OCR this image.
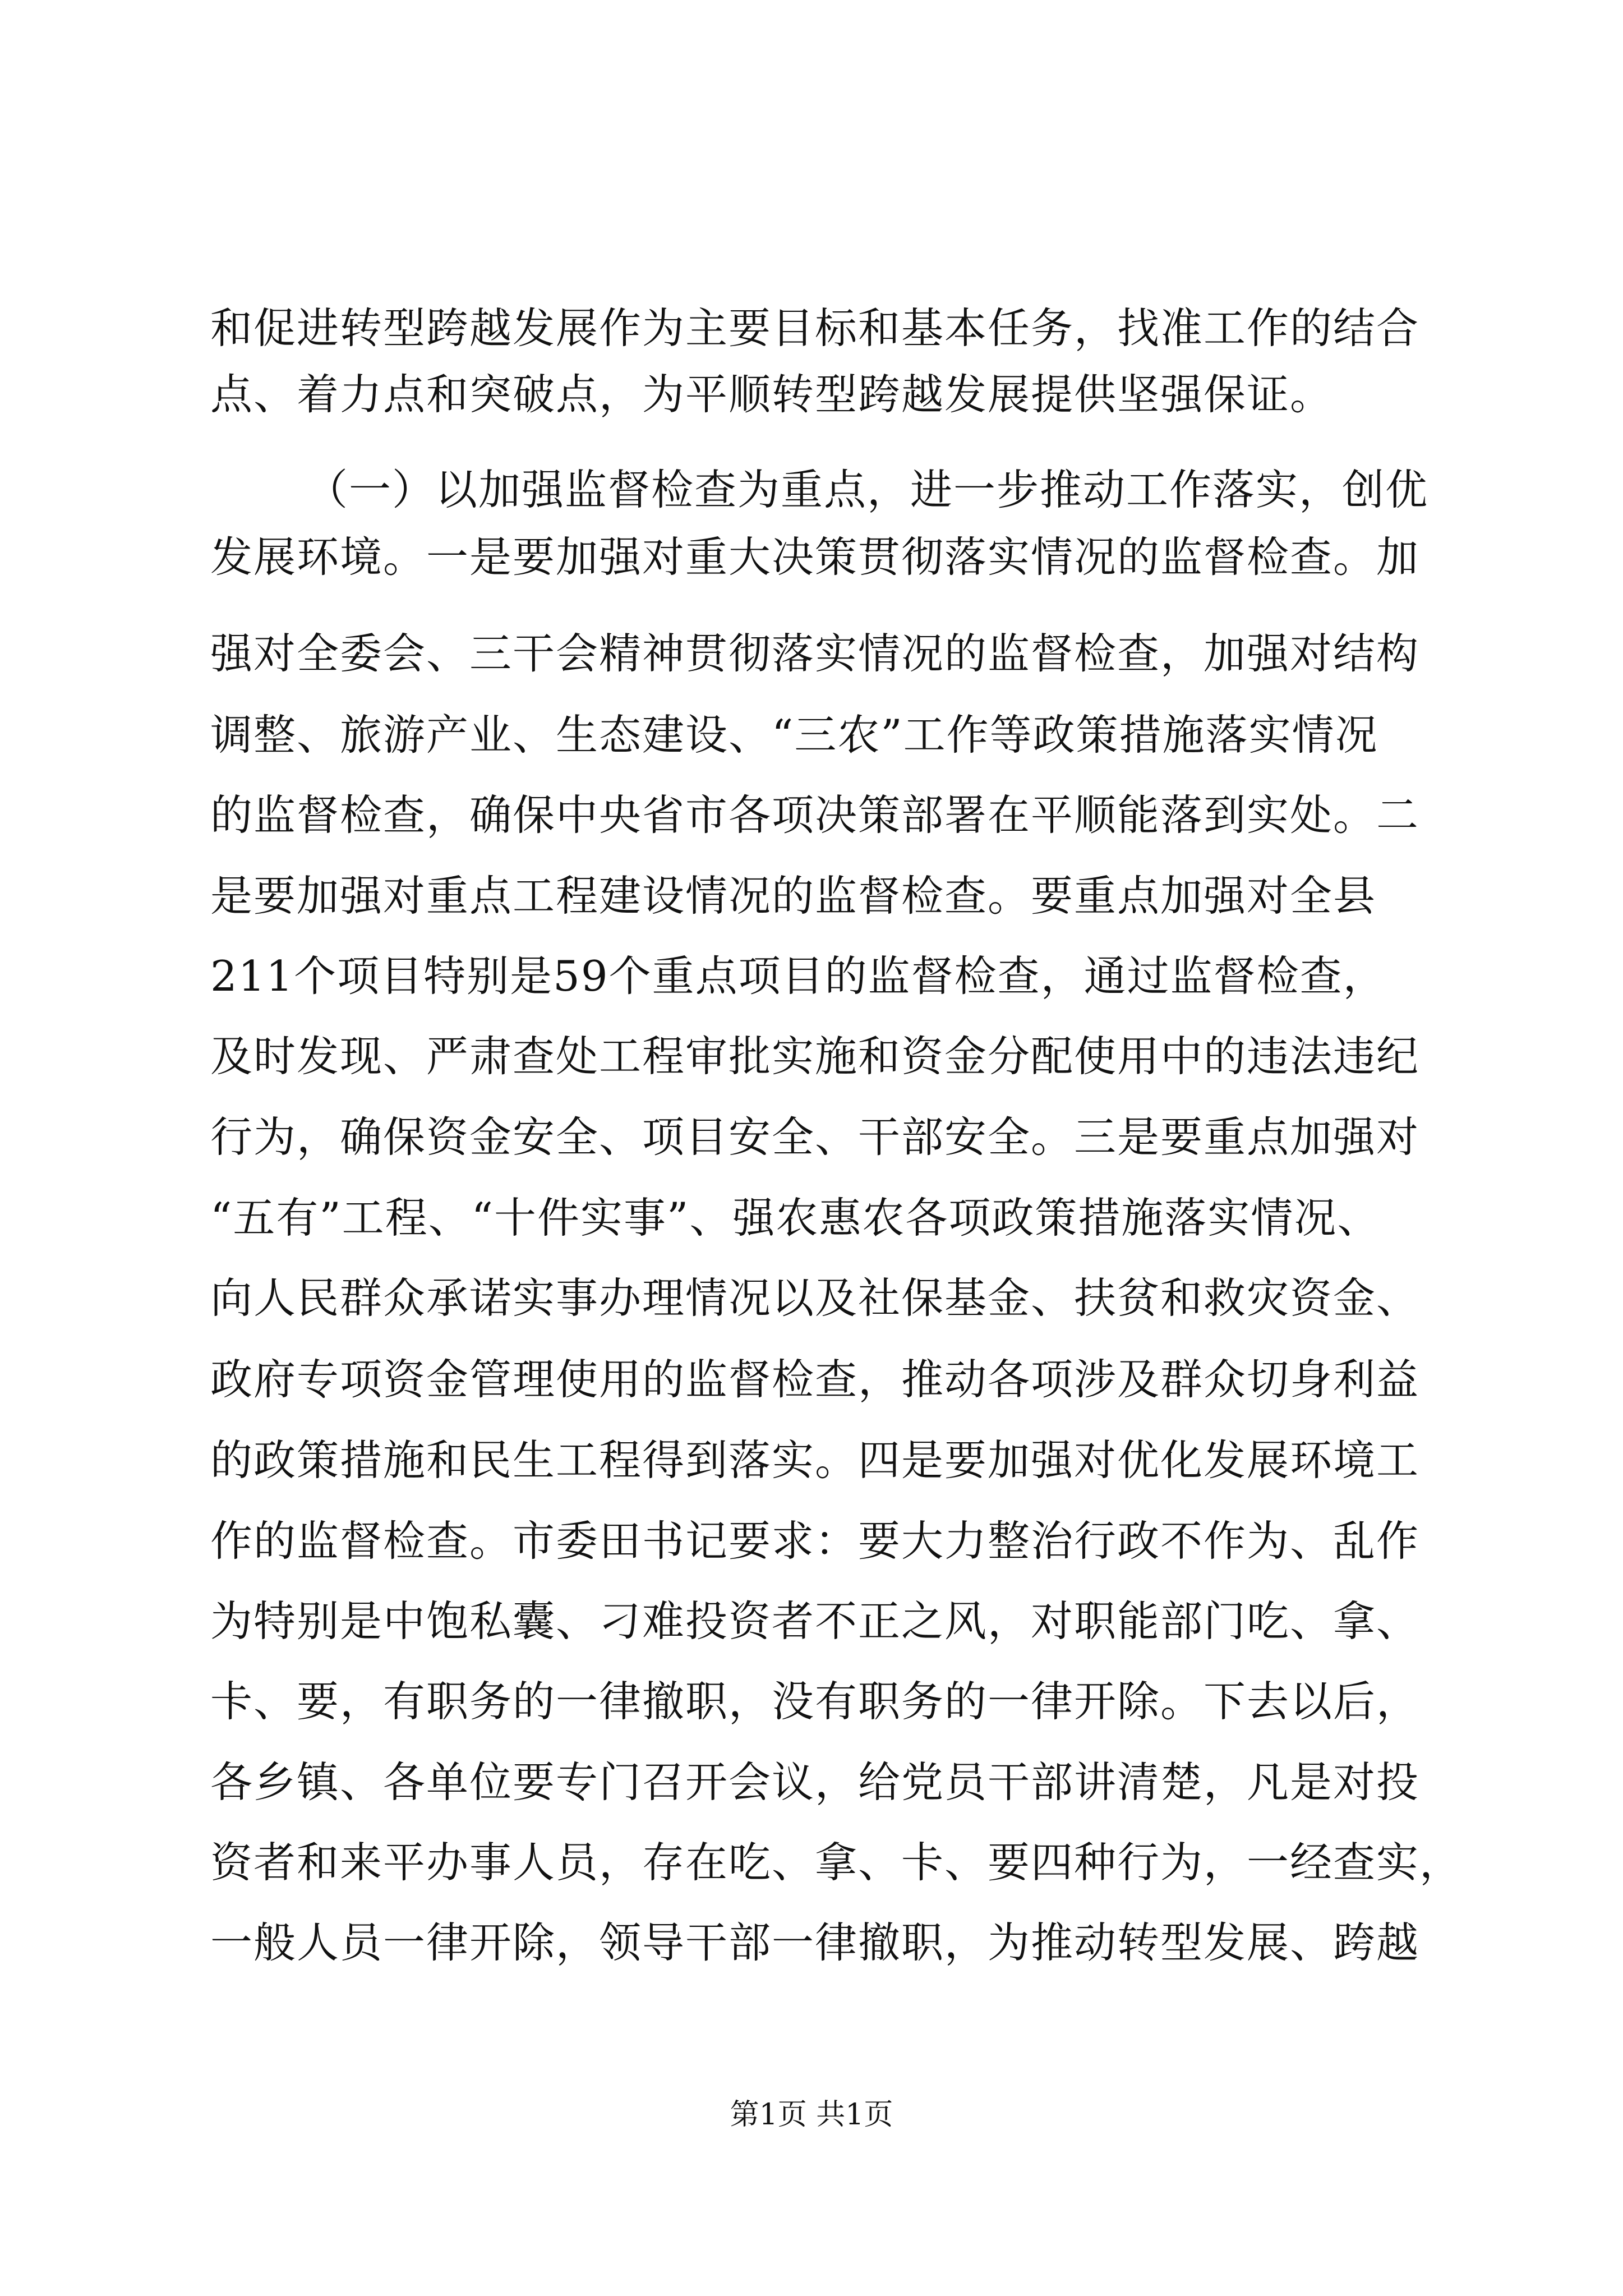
和促进转型跨越发展作为主要目标和基本任务，找准工作的结合
点、着力点和突破点，为平顺转型跨越发展提供坚强保证。
（一）以加强监督检查为重点，进一步推动工作落实，创优
发展环境。一是要加强对重大决策贯彻落实情况的监督检查。加
强对全委会、三干会精神贯彻落实情况的监督检查，加强对结构
调整、旅游产业、生态建设、“三农”工作等政策措施落实情况
的监督检查，确保中央省市各项决策部署在平顺能落到实处。二
是要加强对重点工程建设情况的监督检查。要重点加强对全县
211个项目特别是59个重点项目的监督检查，通过监督检查，
及时发现、严肃查处工程审批实施和资金分配使用中的违法违纪
行为，确保资金安全、项目安全、干部安全。三是要重点加强对
“五有”工程、“十件实事”、强农惠农各项政策措施落实情况、
向人民群众承诺实事办理情况以及社保基金、扶贫和救灾资金、
政府专项资金管理使用的监督检查，推动各项涉及群众切身利益
的政策措施和民生工程得到落实。四是要加强对优化发展环境工
作的监督检查。市委田书记要求：要大力整治行政不作为、乱作
为特别是中饱私囊、刁难投资者不正之风，对职能部门吃、拿、
卡、要，有职务的一律撤职，没有职务的一律开除。下去以后，
各乡镇、各单位要专门召开会议，给党员干部讲清楚，凡是对投
资者和来平办事人员，存在吃、拿、卡、要四种行为，一经查实，
一般人员一律开除，领导干部一律撤职，为推动转型发展、跨越
第1页 共1页
